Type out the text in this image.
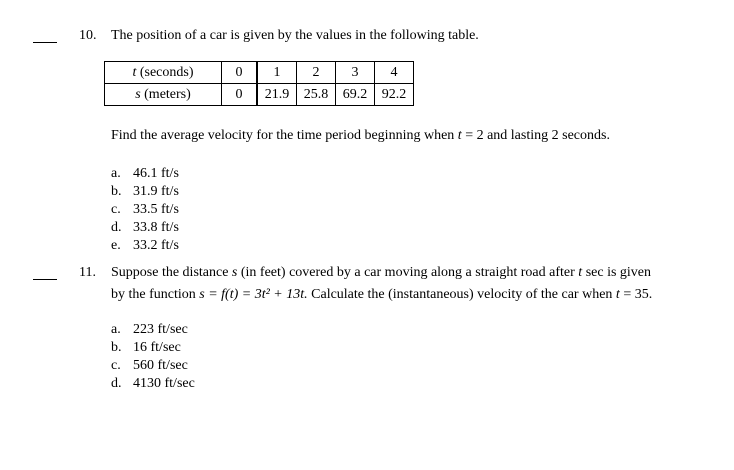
10. The position of a car is given by the values in the following table.
t (seconds)	0	1	2	3	4
s (meters)	0	21.9	25.8	69.2	92.2
Find the average velocity for the time period beginning when t = 2 and lasting 2 seconds.
a. 46.1 ft/s
b. 31.9 ft/s
c. 33.5 ft/s
d. 33.8 ft/s
e. 33.2 ft/s
11. Suppose the distance s (in feet) covered by a car moving along a straight road after t sec is given
by the function s = f(t) = 3t² + 13t. Calculate the (instantaneous) velocity of the car when t = 35.
a. 223 ft/sec
b. 16 ft/sec
c. 560 ft/sec
d. 4130 ft/sec
